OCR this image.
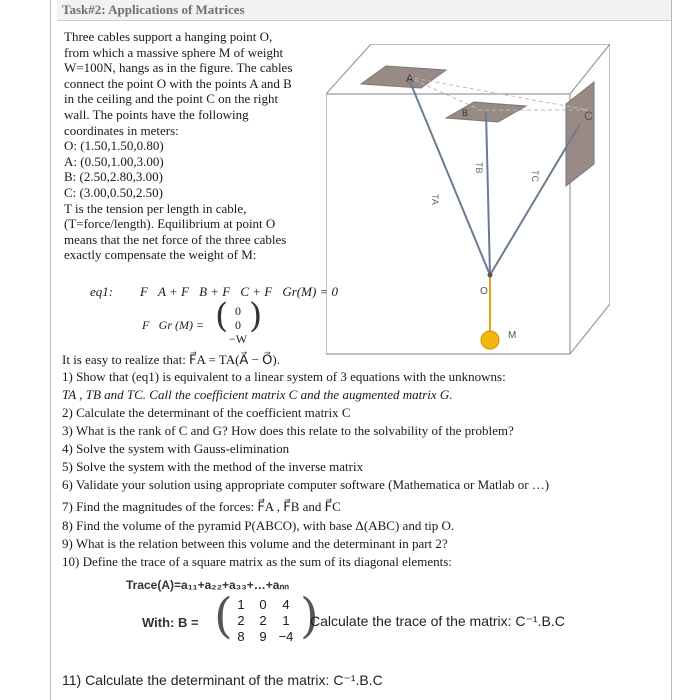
Task#2: Applications of Matrices

Three cables support a hanging point O,

from which a massive sphere M of weight

W=100N, hangs as in the figure. The cables

connect the point O with the points A and B

in the ceiling and the point C on the right

wall. The points have the following

coordinates in meters:

O: (1.50,1.50,0.80)

A: (0.50,1.00,3.00)

B: (2.50,2.80,3.00)

C: (3.00,0.50,2.50)

T is the tension per length in cable,

(T=force/length). Equilibrium at point O

means that the net force of the three cables

exactly compensate the weight of M:

eq1: F⃗A + F⃗B + F⃗C + F⃗Gr(M) = 0⃗
F⃗Gr (M) = ( 0
0
−W
)
A
B	C
O
M
TA
TB
TC
It is easy to realize that: F⃗A = TA(A⃗ − O⃗).
1) Show that (eq1) is equivalent to a linear system of 3 equations with the unknowns:
TA , TB and TC. Call the coefficient matrix C and the augmented matrix G.
2) Calculate the determinant of the coefficient matrix C
3) What is the rank of C and G? How does this relate to the solvability of the problem?
4) Solve the system with Gauss-elimination
5) Solve the system with the method of the inverse matrix
6) Validate your solution using appropriate computer software (Mathematica or Matlab or …)
7) Find the magnitudes of the forces: F⃗A , F⃗B and F⃗C
8) Find the volume of the pyramid P(ABCO), with base Δ(ABC) and tip O.
9) What is the relation between this volume and the determinant in part 2?
10) Define the trace of a square matrix as the sum of its diagonal elements:
Trace(A)=a₁₁+a₂₂+a₃₃+…+aₙₙ
With: B = ( 1 0 4
2 2 1
8 9 −4 )
Calculate the trace of the matrix: C⁻¹.B.C
11) Calculate the determinant of the matrix: C⁻¹.B.C
